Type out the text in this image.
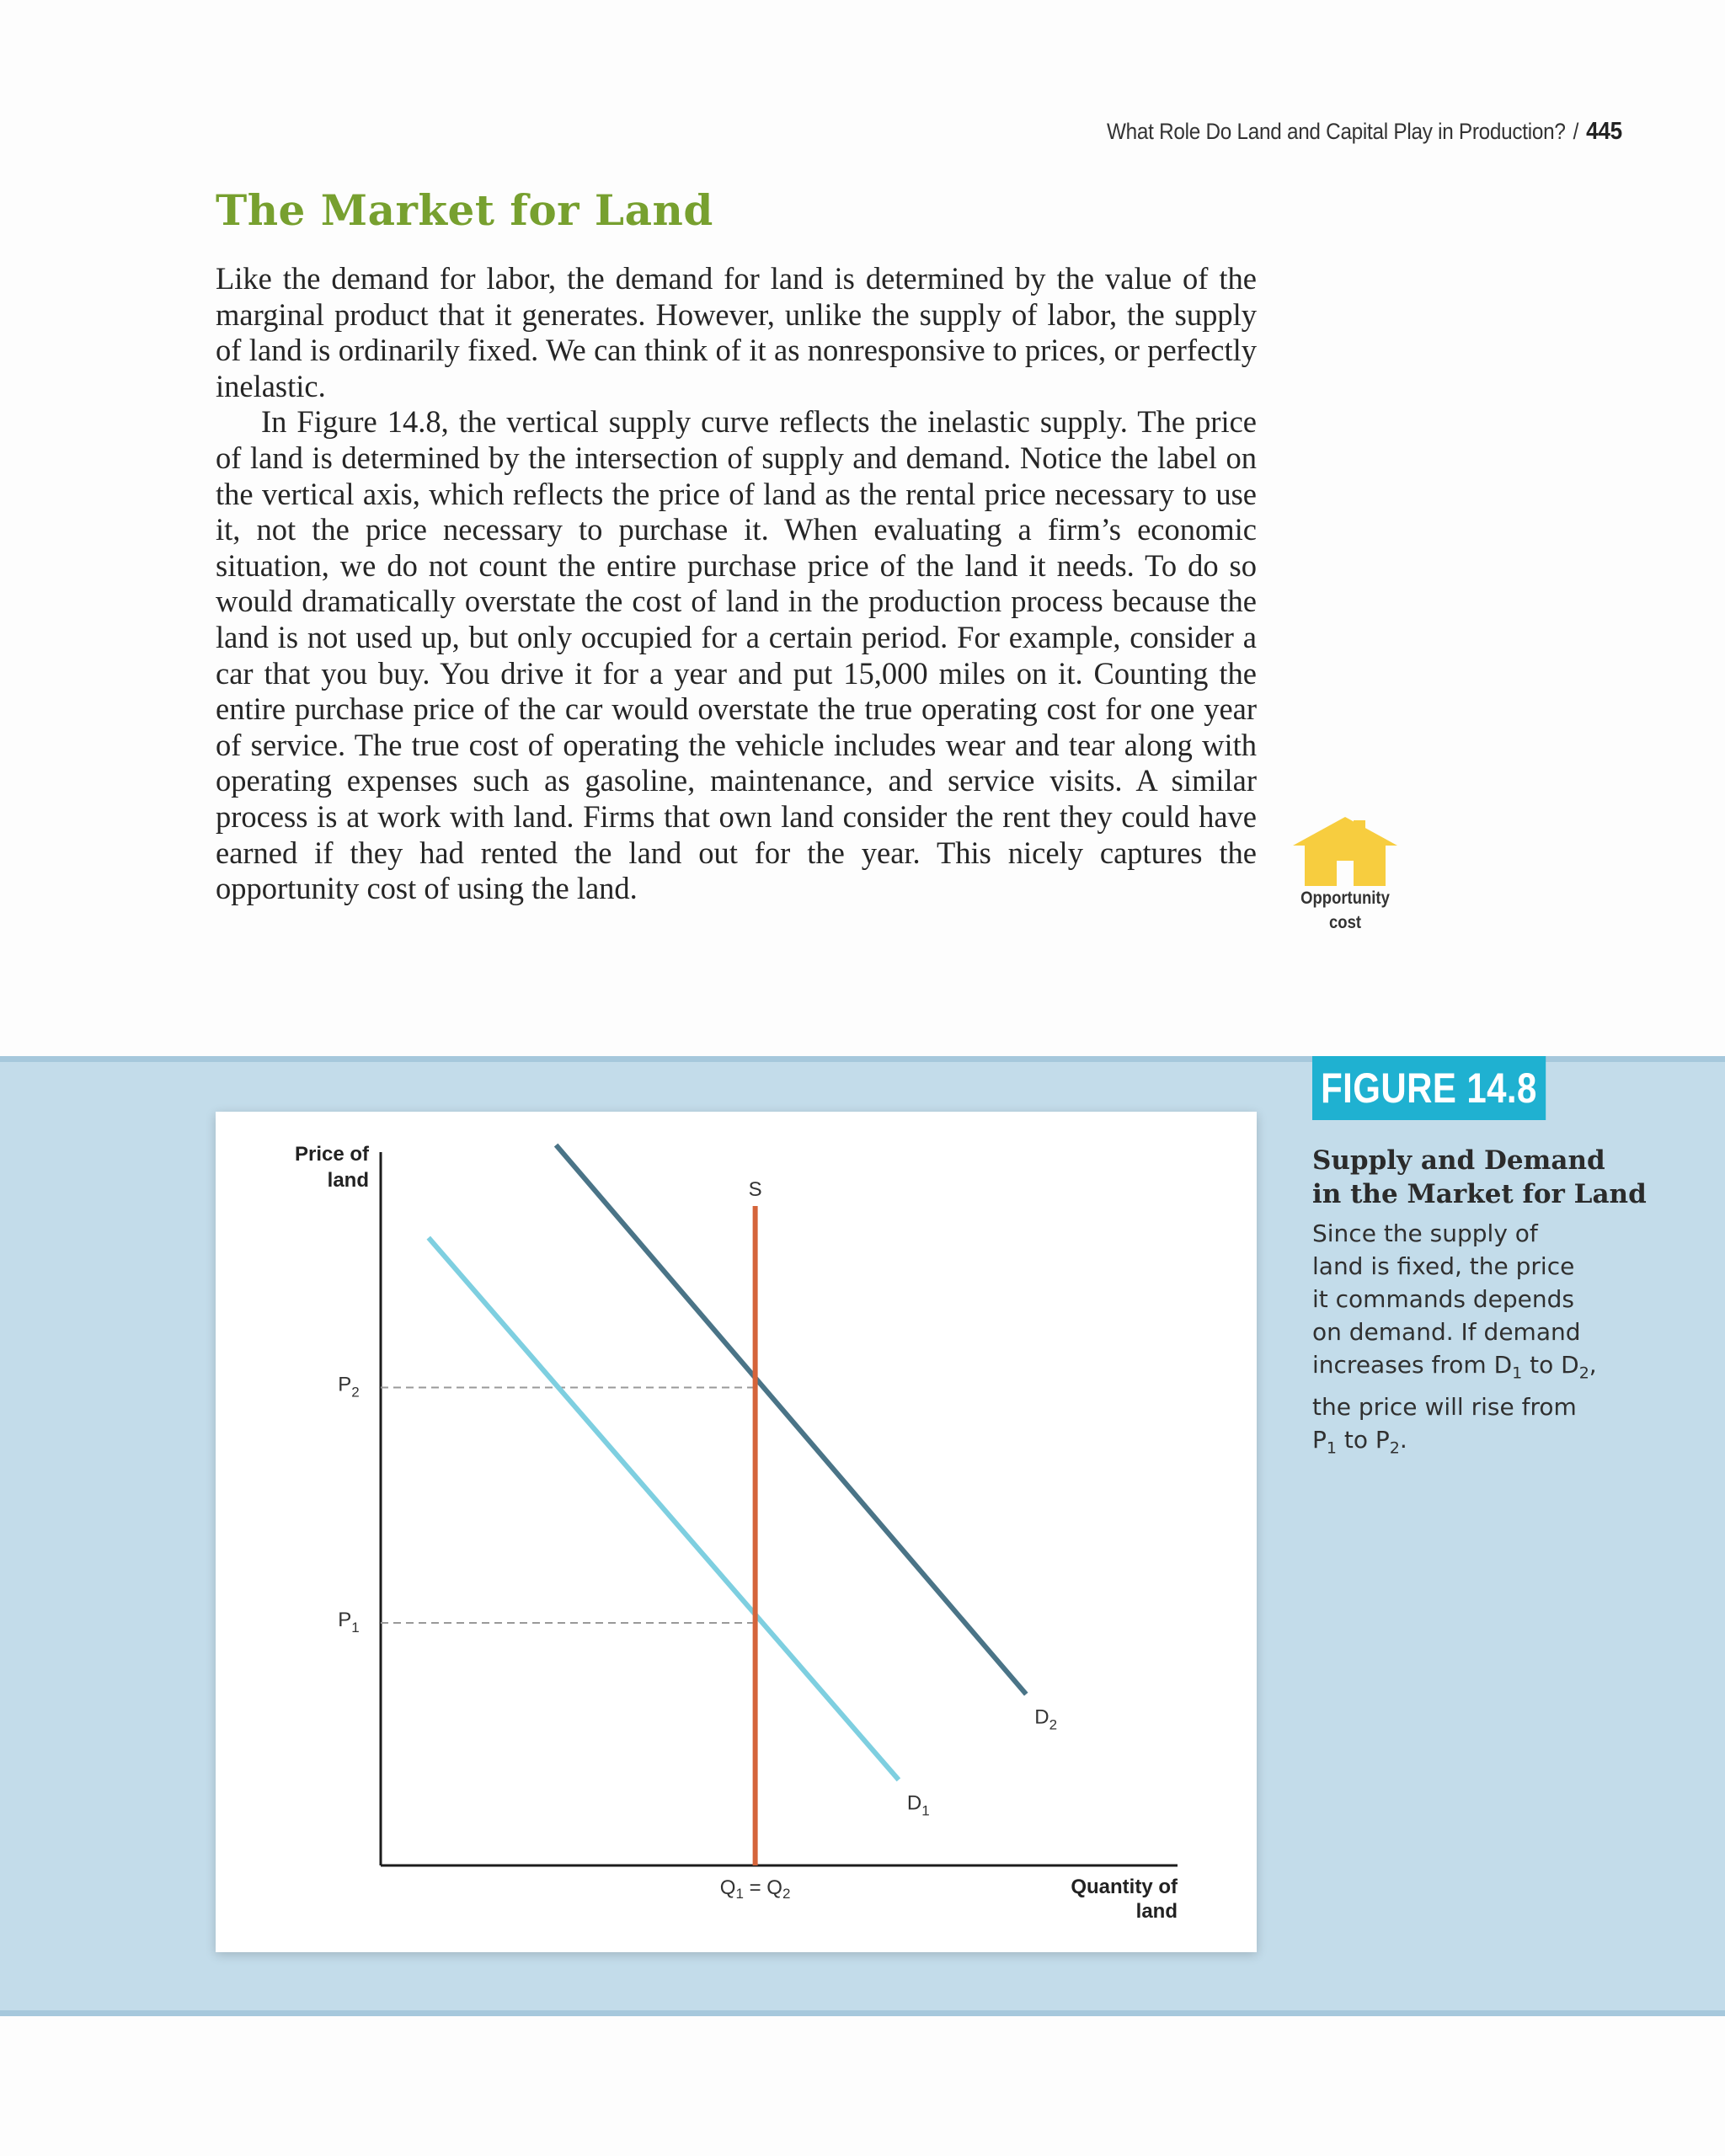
What Role Do Land and Capital Play in Production? / 445
The Market for Land

Like the demand for labor, the demand for land is determined by the value of the marginal product that it generates. However, unlike the supply of labor, the supply of land is ordinarily fixed. We can think of it as nonresponsive to prices, or perfectly inelastic.

In Figure 14.8, the vertical supply curve reflects the inelastic supply. The price of land is determined by the intersection of supply and demand. Notice the label on the vertical axis, which reflects the price of land as the rental price necessary to use it, not the price necessary to purchase it. When evaluating a firm’s economic situation, we do not count the entire purchase price of the land it needs. To do so would dramatically overstate the cost of land in the production process because the land is not used up, but only occupied for a certain period. For example, consider a car that you buy. You drive it for a year and put 15,000 miles on it. Counting the entire purchase price of the car would overstate the true operating cost for one year of service. The true cost of operating the vehicle includes wear and tear along with operating expenses such as gasoline, maintenance, and service visits. A similar process is at work with land. Firms that own land consider the rent they could have earned if they had rented the land out for the year. This nicely captures the opportunity cost of using the land.	Opportunity
cost
Price of
land
Quantity of
land
$P_2$
$P_1$
$D_1$
$D_2$
S
$Q_1 = Q_2$
FIGURE 14.8
Supply and Demand
in the Market for Land
Since the supply of
land is fixed, the price
it commands depends
on demand. If demand
increases from $D_1$ to $D_2$,
the price will rise from
$P_1$ to $P_2$.
